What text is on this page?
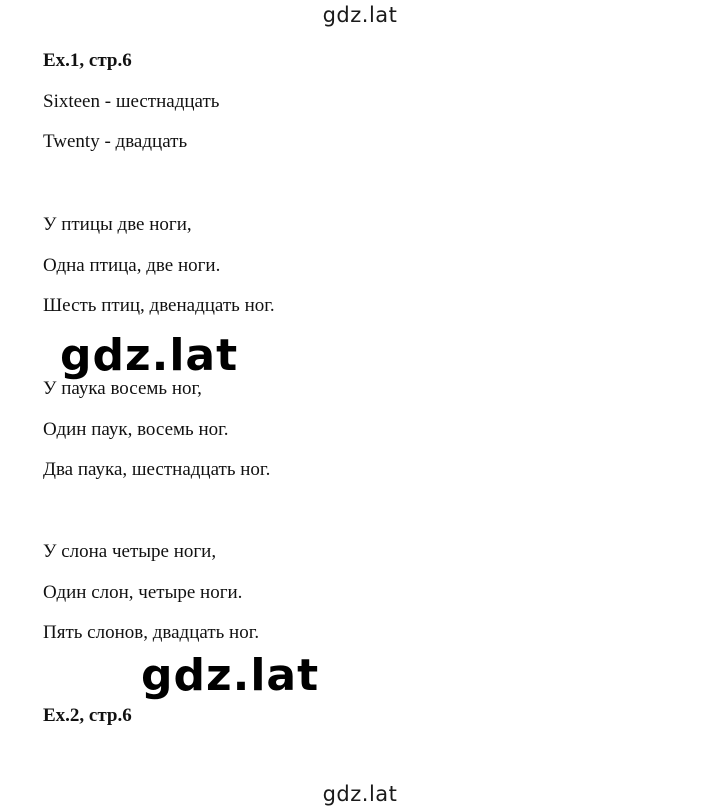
gdz.lat
Ex.1, стр.6
Sixteen - шестнадцать
Twenty - двадцать
У птицы две ноги,
Одна птица, две ноги.
Шесть птиц, двенадцать ног.
У паука восемь ног,
Один паук, восемь ног.
Два паука, шестнадцать ног.
У слона четыре ноги,
Один слон, четыре ноги.
Пять слонов, двадцать ног.
Ex.2, стр.6
gdz.lat
gdz.lat
gdz.lat
